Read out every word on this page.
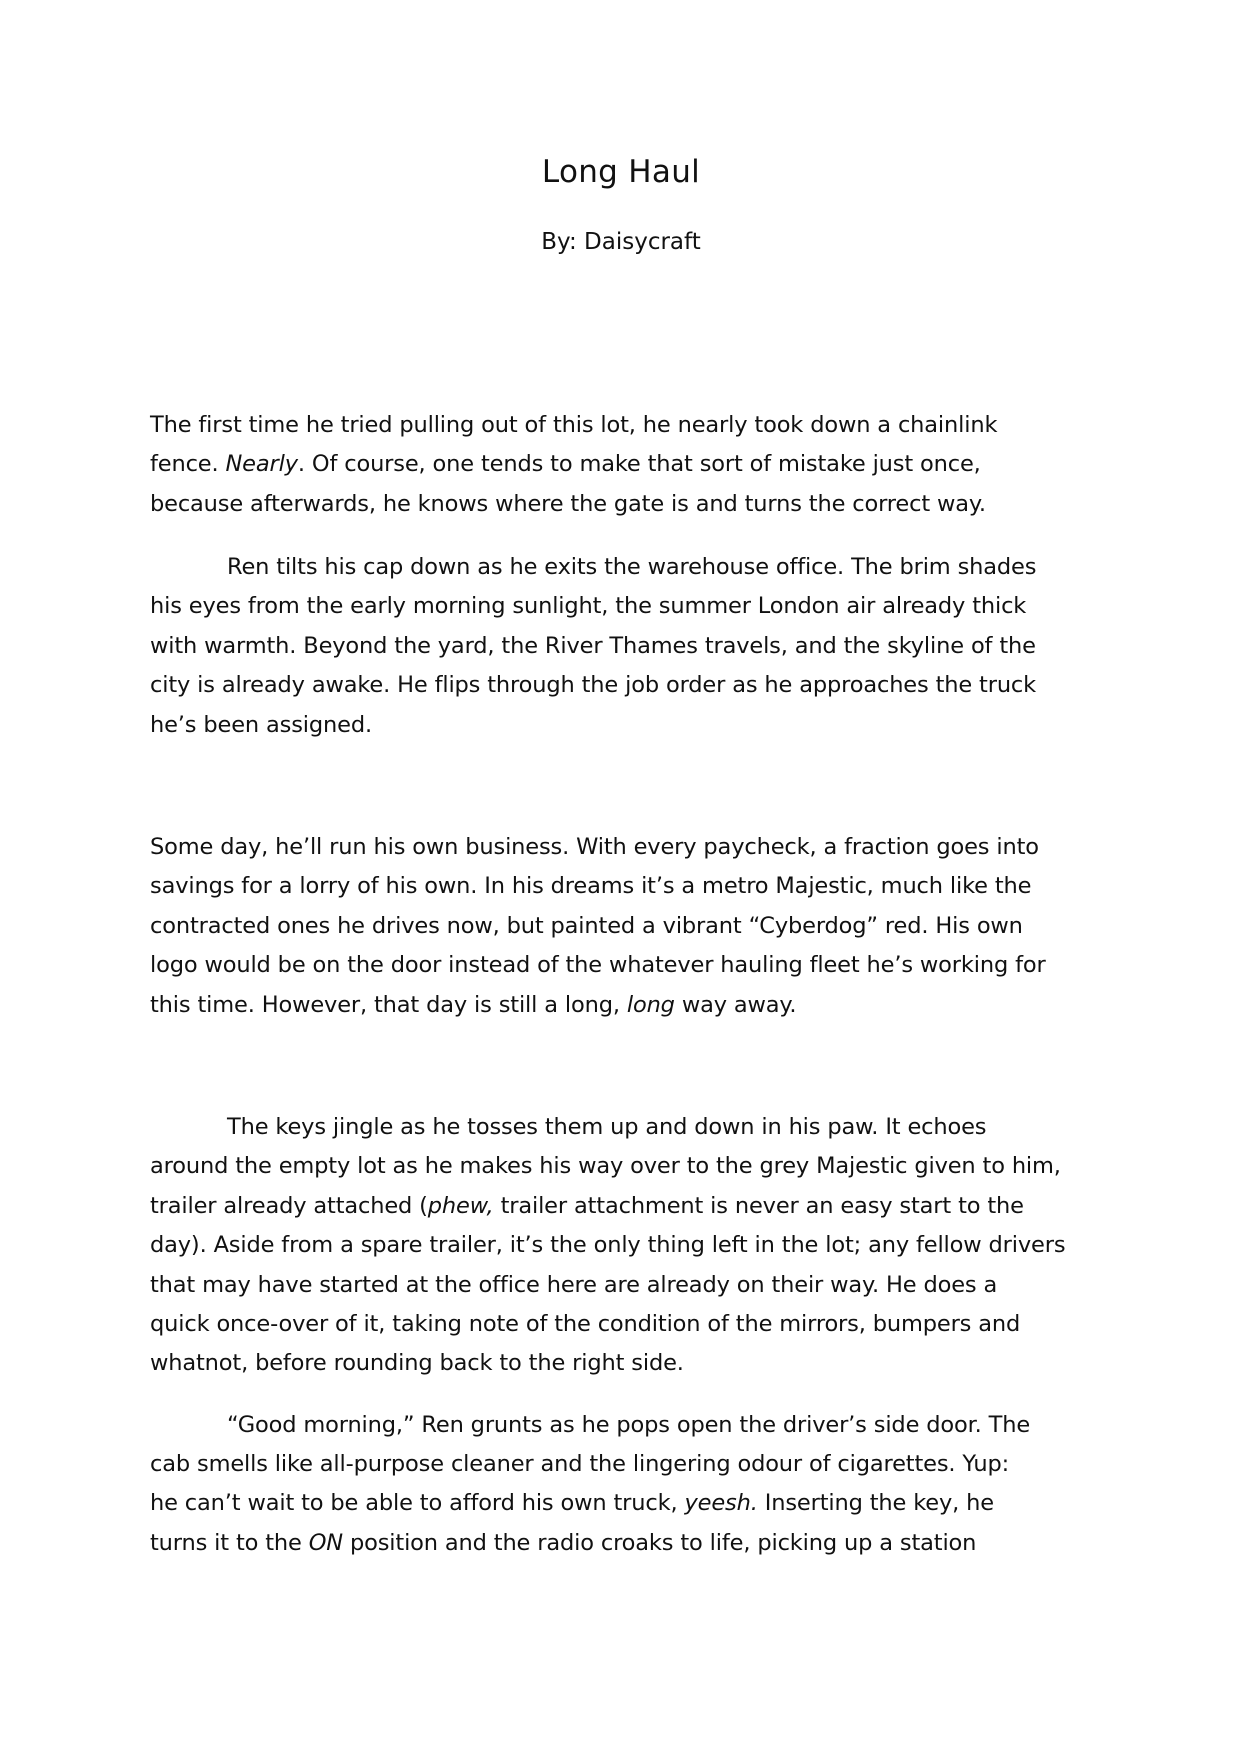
Long Haul
By: Daisycraft
The first time he tried pulling out of this lot, he nearly took down a chainlink
fence. Nearly. Of course, one tends to make that sort of mistake just once,
because afterwards, he knows where the gate is and turns the correct way.
Ren tilts his cap down as he exits the warehouse office. The brim shades
his eyes from the early morning sunlight, the summer London air already thick
with warmth. Beyond the yard, the River Thames travels, and the skyline of the
city is already awake. He flips through the job order as he approaches the truck
he’s been assigned.
Some day, he’ll run his own business. With every paycheck, a fraction goes into
savings for a lorry of his own. In his dreams it’s a metro Majestic, much like the
contracted ones he drives now, but painted a vibrant “Cyberdog” red. His own
logo would be on the door instead of the whatever hauling fleet he’s working for
this time. However, that day is still a long, long way away.
The keys jingle as he tosses them up and down in his paw. It echoes
around the empty lot as he makes his way over to the grey Majestic given to him,
trailer already attached (phew, trailer attachment is never an easy start to the
day). Aside from a spare trailer, it’s the only thing left in the lot; any fellow drivers
that may have started at the office here are already on their way. He does a
quick once-over of it, taking note of the condition of the mirrors, bumpers and
whatnot, before rounding back to the right side.
“Good morning,” Ren grunts as he pops open the driver’s side door. The
cab smells like all-purpose cleaner and the lingering odour of cigarettes. Yup:
he can’t wait to be able to afford his own truck, yeesh. Inserting the key, he
turns it to the ON position and the radio croaks to life, picking up a station
